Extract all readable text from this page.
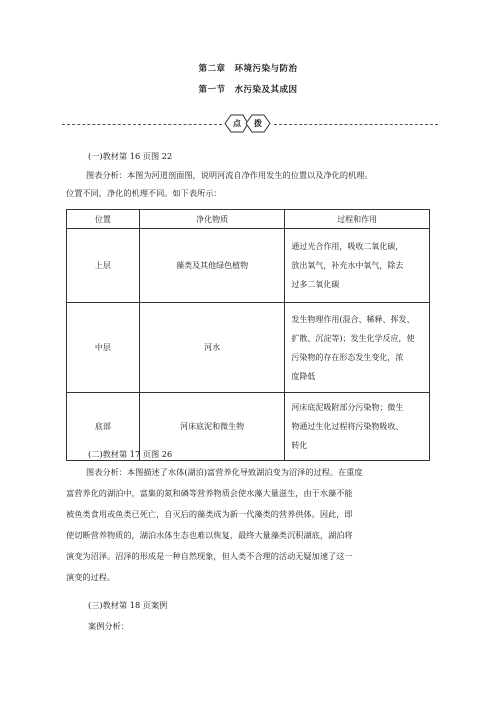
第二章　环境污染与防治
第一节　水污染及其成因
点 拨
(一)教材第 16 页图 22
图表分析：本图为河道剖面图，说明河流自净作用发生的位置以及净化的机理。
位置不同，净化的机理不同。如下表所示：
位置	净化物质	过程和作用
上层	藻类及其他绿色植物	通过光合作用，吸收二氧化碳，
放出氧气，补充水中氧气，除去
过多二氧化碳

中层	河水	发生物理作用(混合、稀释、挥发、
扩散、沉淀等)；发生化学反应，使
污染物的存在形态发生变化，浓
度降低

底部	河床底泥和微生物	河床底泥吸附部分污染物；微生
物通过生化过程将污染物吸收、
转化
(二)教材第 17 页图 26
图表分析：本图描述了水体(湖泊)富营养化导致湖泊变为沼泽的过程。在重度
富营养化的湖泊中，富集的氮和磷等营养物质会使水藻大量滋生，由于水藻不能
被鱼类食用或鱼类已死亡，自灭后的藻类成为新一代藻类的营养供体。因此，即
使切断营养物质的，湖泊水体生态也难以恢复，最终大量藻类沉积湖底，湖泊将
演变为沼泽。沼泽的形成是一种自然现象，但人类不合理的活动无疑加速了这一
演变的过程。
(三)教材第 18 页案例
案例分析：
